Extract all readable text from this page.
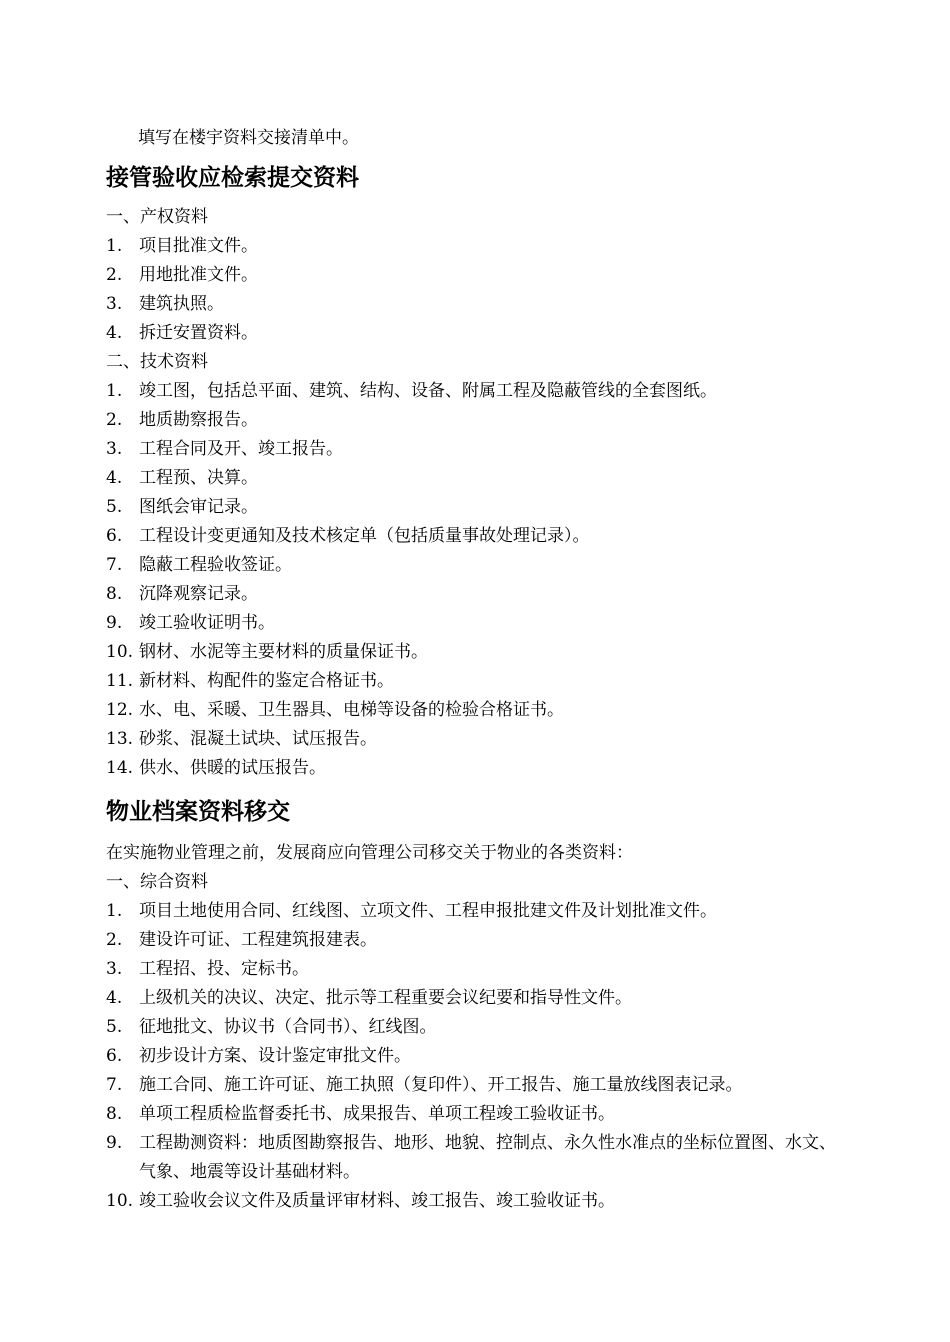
填写在楼宇资料交接清单中。
接管验收应检索提交资料
一、产权资料
1. 项目批准文件。
2. 用地批准文件。
3. 建筑执照。
4. 拆迁安置资料。
二、技术资料
1. 竣工图，包括总平面、建筑、结构、设备、附属工程及隐蔽管线的全套图纸。
2. 地质勘察报告。
3. 工程合同及开、竣工报告。
4. 工程预、决算。
5. 图纸会审记录。
6. 工程设计变更通知及技术核定单（包括质量事故处理记录）。
7. 隐蔽工程验收签证。
8. 沉降观察记录。
9. 竣工验收证明书。
10. 钢材、水泥等主要材料的质量保证书。
11. 新材料、构配件的鉴定合格证书。
12. 水、电、采暖、卫生器具、电梯等设备的检验合格证书。
13. 砂浆、混凝土试块、试压报告。
14. 供水、供暖的试压报告。
物业档案资料移交
在实施物业管理之前，发展商应向管理公司移交关于物业的各类资料：
一、综合资料
1. 项目土地使用合同、红线图、立项文件、工程申报批建文件及计划批准文件。
2. 建设许可证、工程建筑报建表。
3. 工程招、投、定标书。
4. 上级机关的决议、决定、批示等工程重要会议纪要和指导性文件。
5. 征地批文、协议书（合同书）、红线图。
6. 初步设计方案、设计鉴定审批文件。
7. 施工合同、施工许可证、施工执照（复印件）、开工报告、施工量放线图表记录。
8. 单项工程质检监督委托书、成果报告、单项工程竣工验收证书。
9. 工程勘测资料：地质图勘察报告、地形、地貌、控制点、永久性水准点的坐标位置图、水文、气象、地震等设计基础材料。
10. 竣工验收会议文件及质量评审材料、竣工报告、竣工验收证书。
